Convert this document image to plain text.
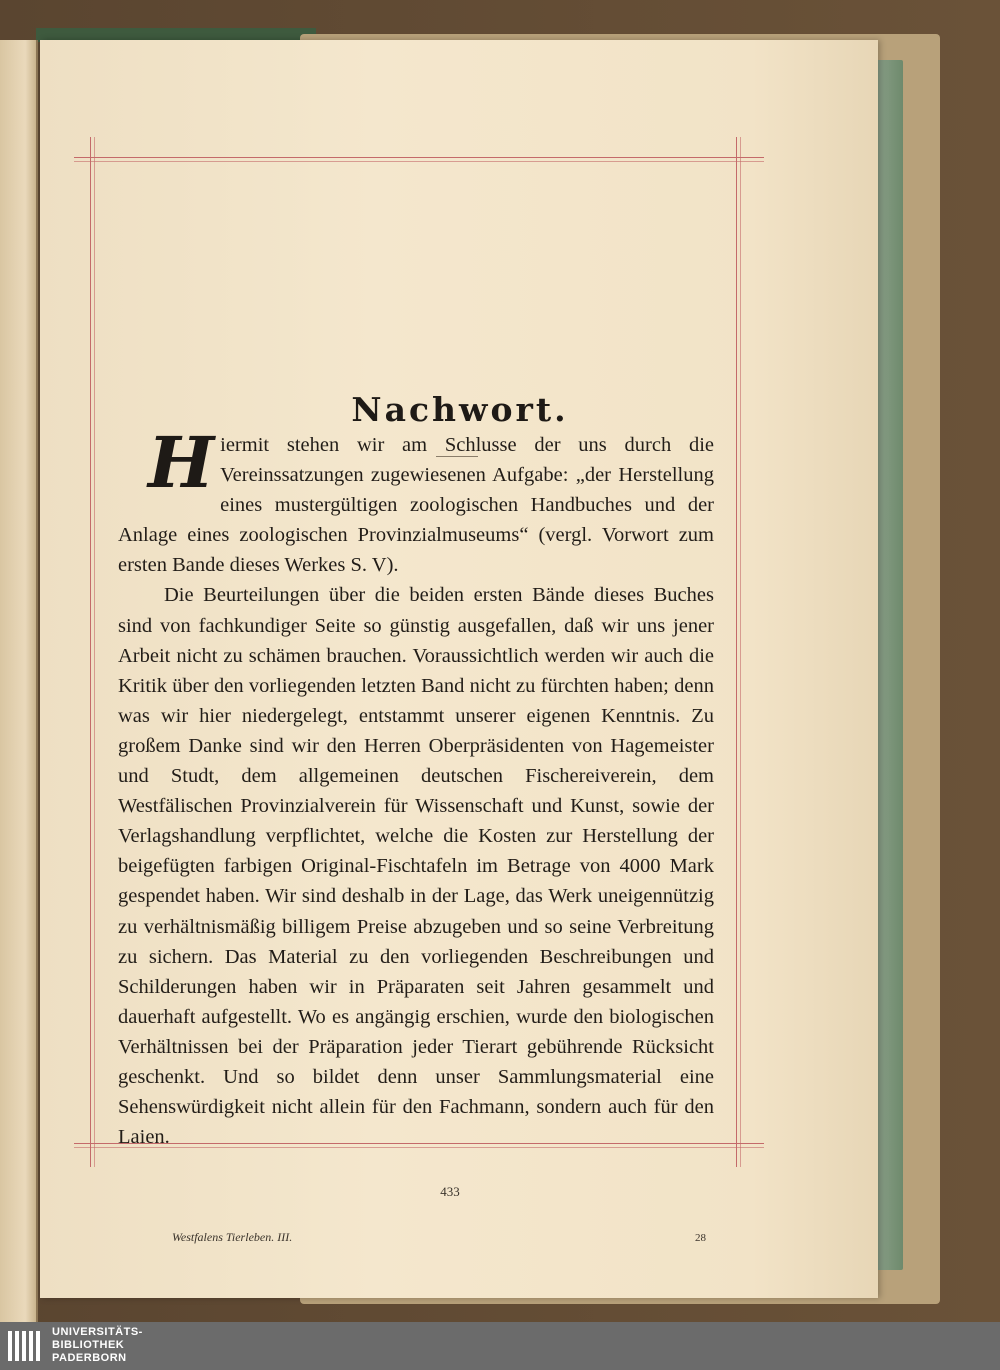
Nachwort.

433

Westfalens Tierleben. III.	28

Hiermit stehen wir am Schlusse der uns durch die Vereinssatzungen zugewiesenen Aufgabe: „der Herstellung eines mustergültigen zoologischen Handbuches und der Anlage eines zoologischen Provinzialmuseums“ (vergl. Vorwort zum ersten Bande dieses Werkes S. V).

Die Beurteilungen über die beiden ersten Bände dieses Buches sind von fachkundiger Seite so günstig ausgefallen, daß wir uns jener Arbeit nicht zu schämen brauchen. Voraussichtlich werden wir auch die Kritik über den vorliegenden letzten Band nicht zu fürchten haben; denn was wir hier niedergelegt, entstammt unserer eigenen Kenntnis. Zu großem Danke sind wir den Herren Oberpräsidenten von Hagemeister und Studt, dem allgemeinen deutschen Fischereiverein, dem Westfälischen Provinzialverein für Wissenschaft und Kunst, sowie der Verlagshandlung verpflichtet, welche die Kosten zur Herstellung der beigefügten farbigen Original-Fischtafeln im Betrage von 4000 Mark gespendet haben. Wir sind deshalb in der Lage, das Werk uneigennützig zu verhältnismäßig billigem Preise abzugeben und so seine Verbreitung zu sichern. Das Material zu den vorliegenden Beschreibungen und Schilderungen haben wir in Präparaten seit Jahren gesammelt und dauerhaft aufgestellt. Wo es angängig erschien, wurde den biologischen Verhältnissen bei der Präparation jeder Tierart gebührende Rücksicht geschenkt. Und so bildet denn unser Sammlungsmaterial eine Sehenswürdigkeit nicht allein für den Fachmann, sondern auch für den Laien.

UNIVERSITÄTS-
BIBLIOTHEK
PADERBORN
